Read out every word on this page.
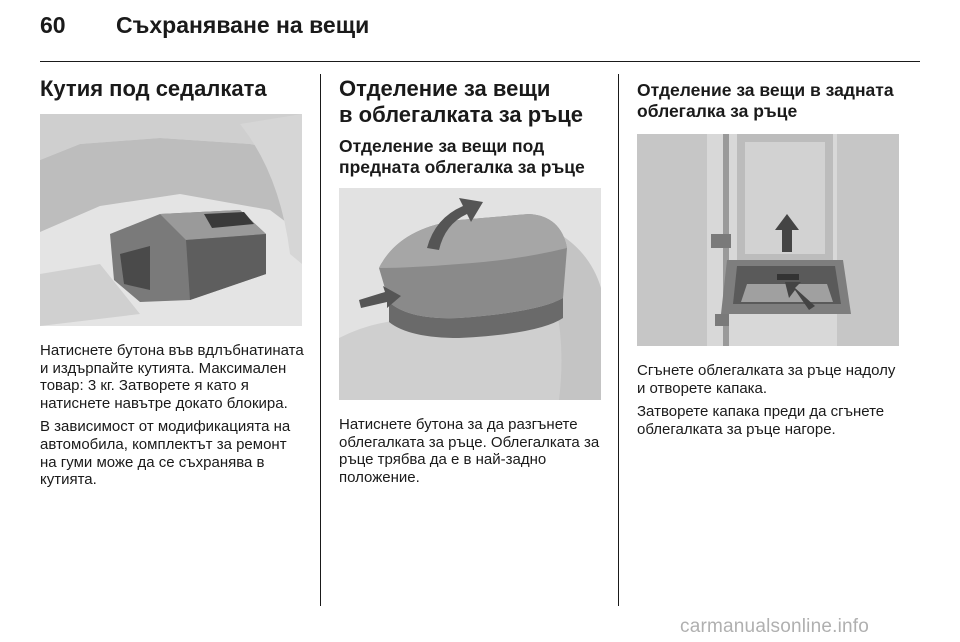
60 Съхраняване на вещи
Кутия под седалката

Натиснете бутона във вдлъбнатината и издърпайте кутията. Максимален товар: 3 кг. Затворете я като я натиснете навътре докато блокира.

В зависимост от модификацията на автомобила, комплектът за ремонт на гуми може да се съхранява в кутията.

Отделение за вещи
в облегалката за ръце
Отделение за вещи под предната облегалка за ръце

Натиснете бутона за да разгънете облегалката за ръце. Облегалката за ръце трябва да е в най-задно положение.

Отделение за вещи в задната облегалка за ръце

Сгънете облегалката за ръце надолу и отворете капака.

Затворете капака преди да сгънете облегалката за ръце нагоре.

carmanualsonline.info
